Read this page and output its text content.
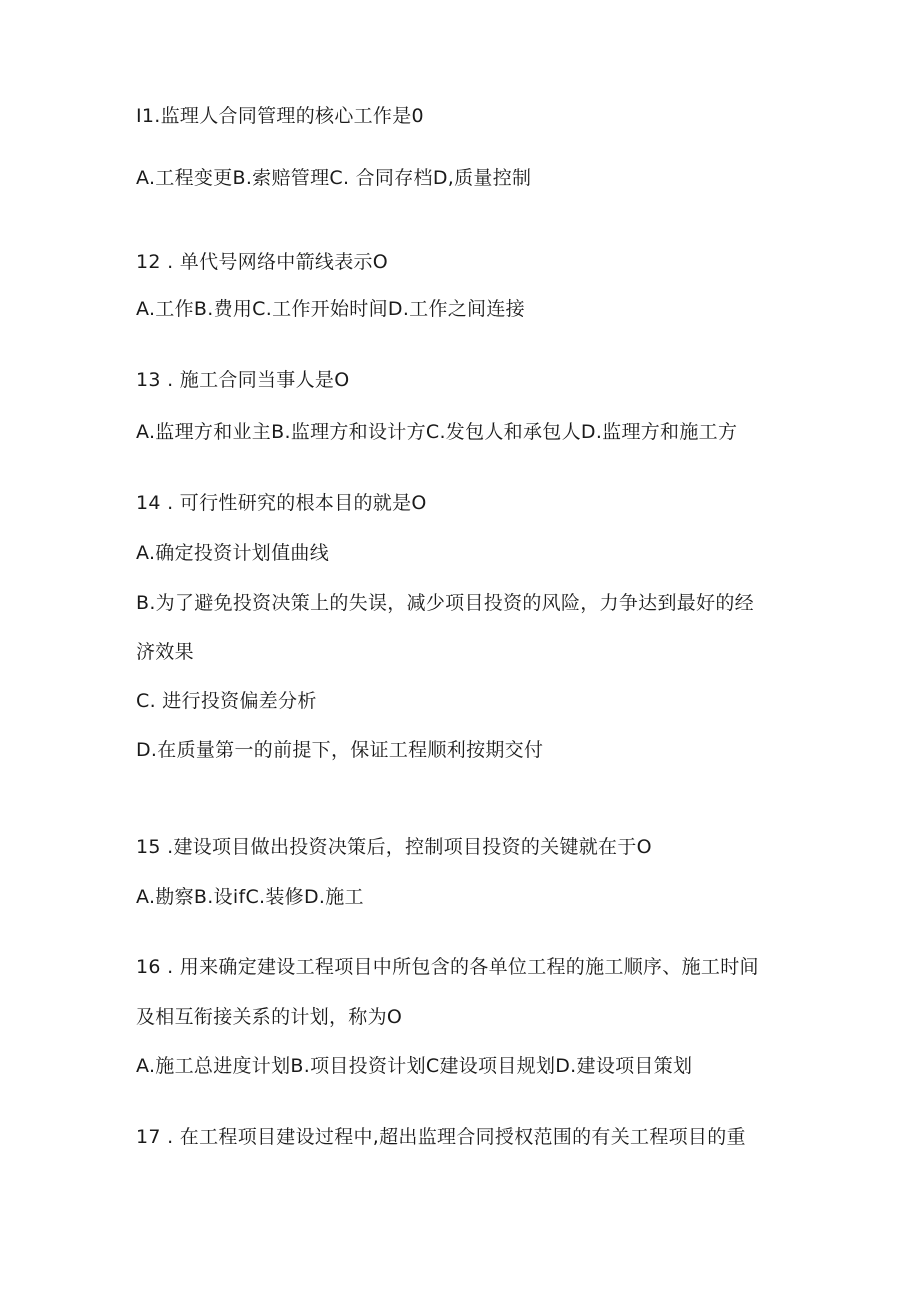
I1.监理人合同管理的核心工作是0
A.工程变更B.索赔管理C. 合同存档D,质量控制
12 . 单代号网络中箭线表示O
A.工作B.费用C.工作开始时间D.工作之间连接
13 . 施工合同当事人是O
A.监理方和业主B.监理方和设计方C.发包人和承包人D.监理方和施工方
14 . 可行性研究的根本目的就是O
A.确定投资计划值曲线
B.为了避免投资决策上的失误，减少项目投资的风险，力争达到最好的经
济效果
C. 进行投资偏差分析
D.在质量第一的前提下，保证工程顺利按期交付
15 .建设项目做出投资决策后，控制项目投资的关键就在于O
A.勘察B.设ifC.装修D.施工
16 . 用来确定建设工程项目中所包含的各单位工程的施工顺序、施工时间
及相互衔接关系的计划，称为O
A.施工总进度计划B.项目投资计划C建设项目规划D.建设项目策划
17 . 在工程项目建设过程中,超出监理合同授权范围的有关工程项目的重
